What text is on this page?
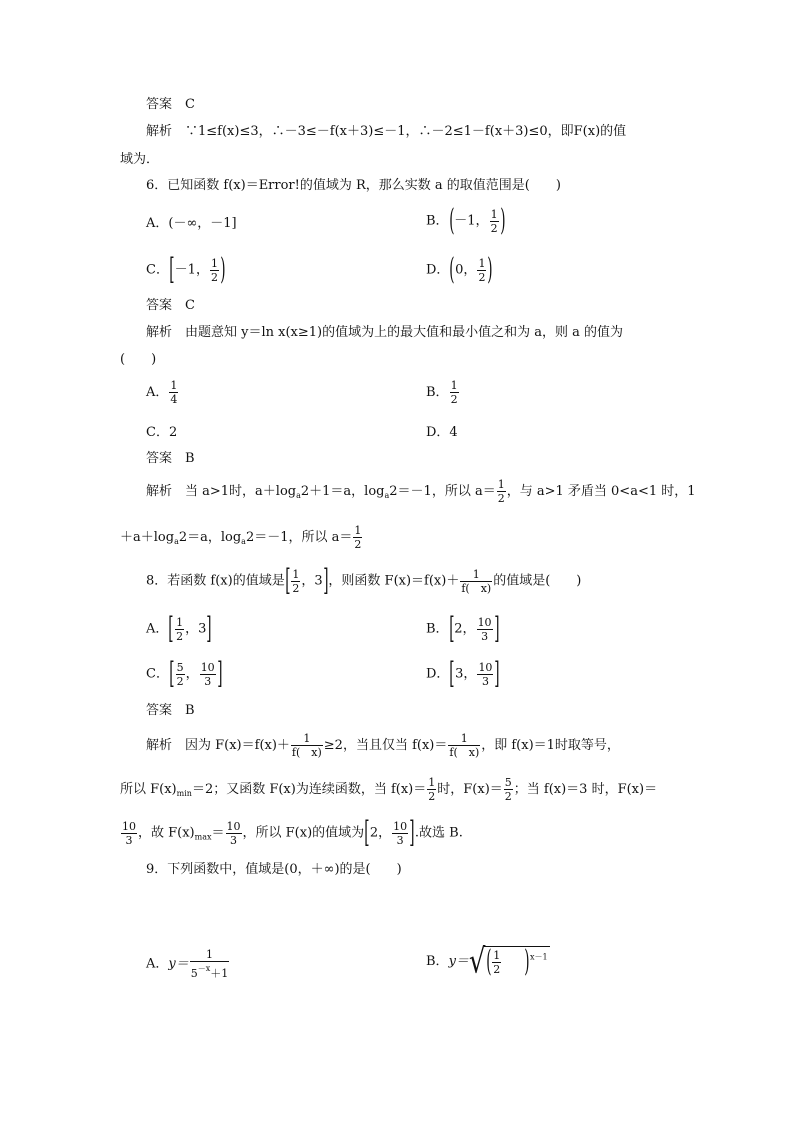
答案　C
解析　∵1≤f(x)≤3，∴－3≤－f(x＋3)≤－1，∴－2≤1－f(x＋3)≤0，即F(x)的值
域为．
6．已知函数 f(x)＝Error!的值域为 R，那么实数 a 的取值范围是(　　)
A．(－∞，－1]	B．(－1， $\frac{1}{2}$ )
C．[－1， $\frac{1}{2}$ )	D．(0， $\frac{1}{2}$ )
答案　C
解析　由题意知 y＝ln x(x≥1)的值域为上的最大值和最小值之和为 a，则 a 的值为
(　　)
A． $\frac{1}{4}$	B． $\frac{1}{2}$
C．2	D．4
答案　B
解析　当 a>1时，$a+\log_a2+1=a$，$\log_a2=-1$，所以 $a= \frac{1}{2}$ ，与 a>1 矛盾当 0<a<1 时，1
$+a+\log_a2=a$，$\log_a2=-1$，所以 $a= \frac{1}{2}$
8．若函数 f(x)的值域是[ $\frac{1}{2}$ ，3]，则函数 $F(x)=f(x)+ \frac{1}{f( x)}$ 的值域是(　　)
A．[ $\frac{1}{2}$ ，3]	B．[2， $\frac{10}{3}$ ]
C．[ $\frac{5}{2}$ ， $\frac{10}{3}$ ]	D．[3， $\frac{10}{3}$ ]
答案　B
解析　因为 $F(x)=f(x)+ \frac{1}{f( x)} \ge 2$，当且仅当 $f(x)= \frac{1}{f( x)}$ ，即 f(x)＝1时取等号，
所以 $F(x)_{min}=2$；又函数 F(x)为连续函数，当 $f(x)= \frac{1}{2}$ 时，$F(x)= \frac{5}{2}$ ；当 f(x)＝3 时，F(x)＝
$\frac{10}{3}$ ，故 $F(x)_{max}= \frac{10}{3}$ ，所以 F(x)的值域为[2， $\frac{10}{3}$ ].故选 B.
9．下列函数中，值域是(0，＋∞)的是(　　)
A．$y= \frac{1}{5^{-x}+1}$	B．$y=√( \frac{1}{2} )^{x-1}$
